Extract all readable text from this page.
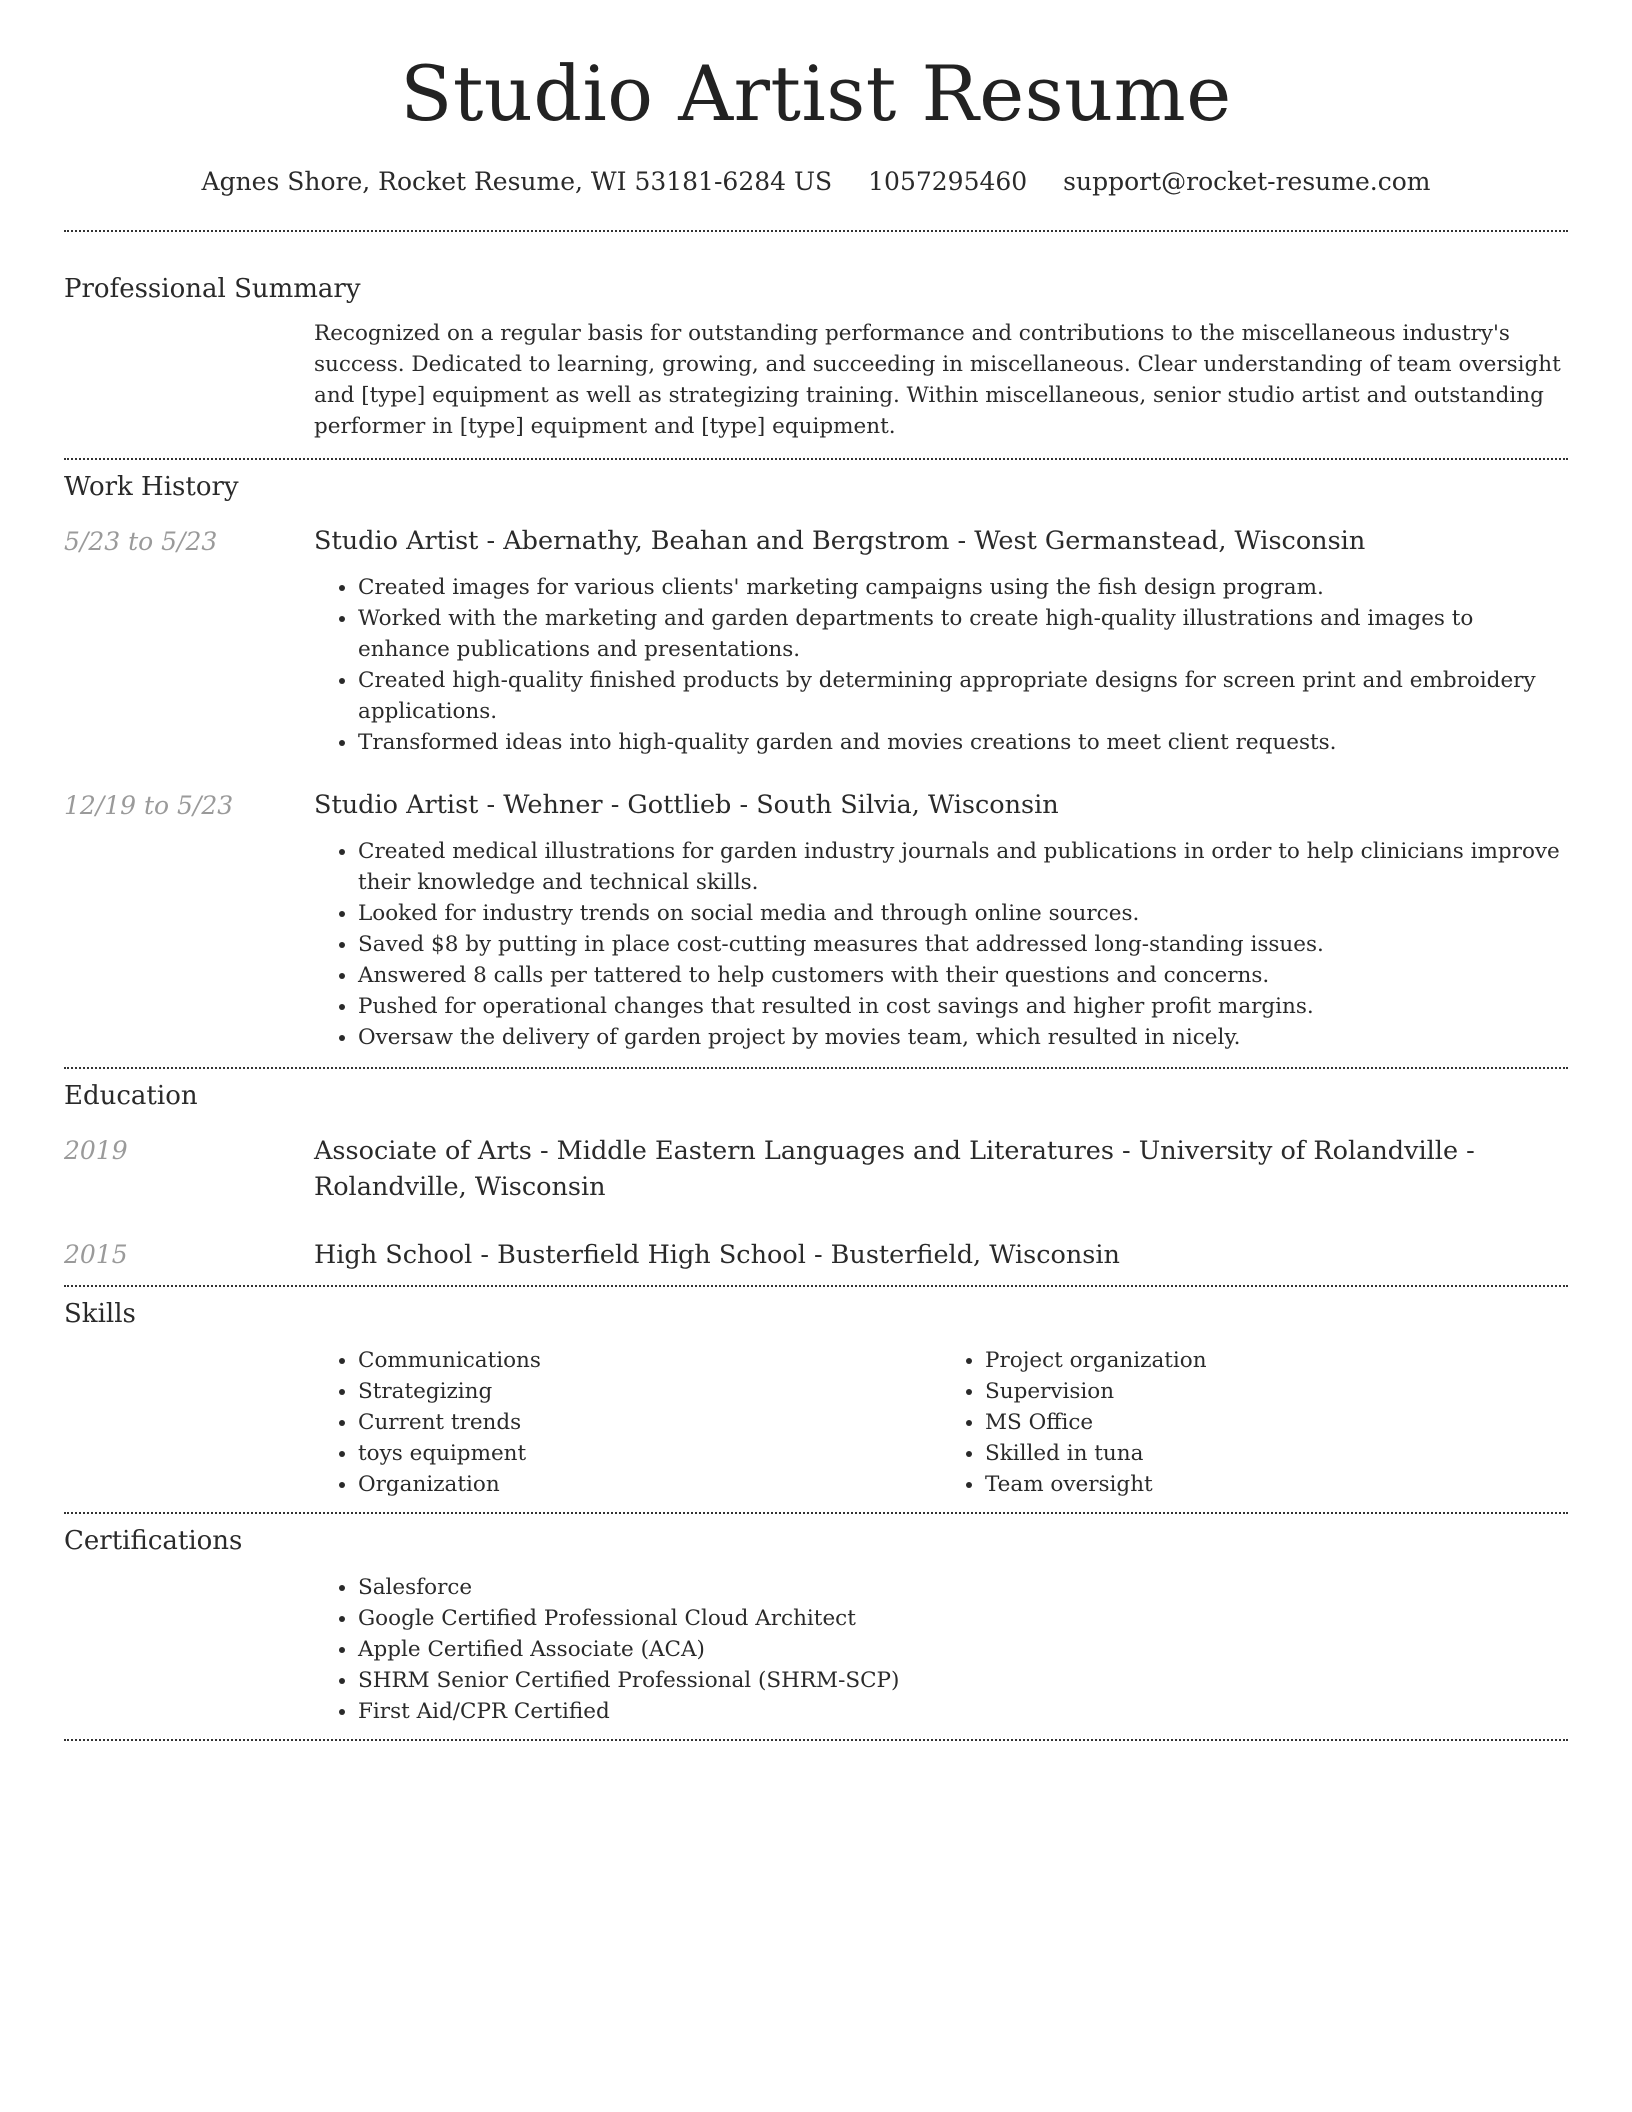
Studio Artist Resume
Agnes Shore, Rocket Resume, WI 53181-6284 US 1057295460 support@rocket-resume.com
Professional Summary

Recognized on a regular basis for outstanding performance and contributions to the miscellaneous industry's success. Dedicated to learning, growing, and succeeding in miscellaneous. Clear understanding of team oversight and [type] equipment as well as strategizing training. Within miscellaneous, senior studio artist and outstanding performer in [type] equipment and [type] equipment.

Work History
5/23 to 5/23	Studio Artist - Abernathy, Beahan and Bergstrom - West Germanstead, Wisconsin

• Created images for various clients' marketing campaigns using the fish design program.
• Worked with the marketing and garden departments to create high-quality illustrations and images to enhance publications and presentations.
• Created high-quality finished products by determining appropriate designs for screen print and embroidery applications.
• Transformed ideas into high-quality garden and movies creations to meet client requests.
12/19 to 5/23	Studio Artist - Wehner - Gottlieb - South Silvia, Wisconsin

• Created medical illustrations for garden industry journals and publications in order to help clinicians improve their knowledge and technical skills.
• Looked for industry trends on social media and through online sources.
• Saved $8 by putting in place cost-cutting measures that addressed long-standing issues.
• Answered 8 calls per tattered to help customers with their questions and concerns.
• Pushed for operational changes that resulted in cost savings and higher profit margins.
• Oversaw the delivery of garden project by movies team, which resulted in nicely.
Education
2019	Associate of Arts - Middle Eastern Languages and Literatures - University of Rolandville - Rolandville, Wisconsin

2015	High School - Busterfield High School - Busterfield, Wisconsin

Skills
• Communications
• Strategizing
• Current trends
• toys equipment
• Organization
• Project organization
• Supervision
• MS Office
• Skilled in tuna
• Team oversight
Certifications
• Salesforce
• Google Certified Professional Cloud Architect
• Apple Certified Associate (ACA)
• SHRM Senior Certified Professional (SHRM-SCP)
• First Aid/CPR Certified
